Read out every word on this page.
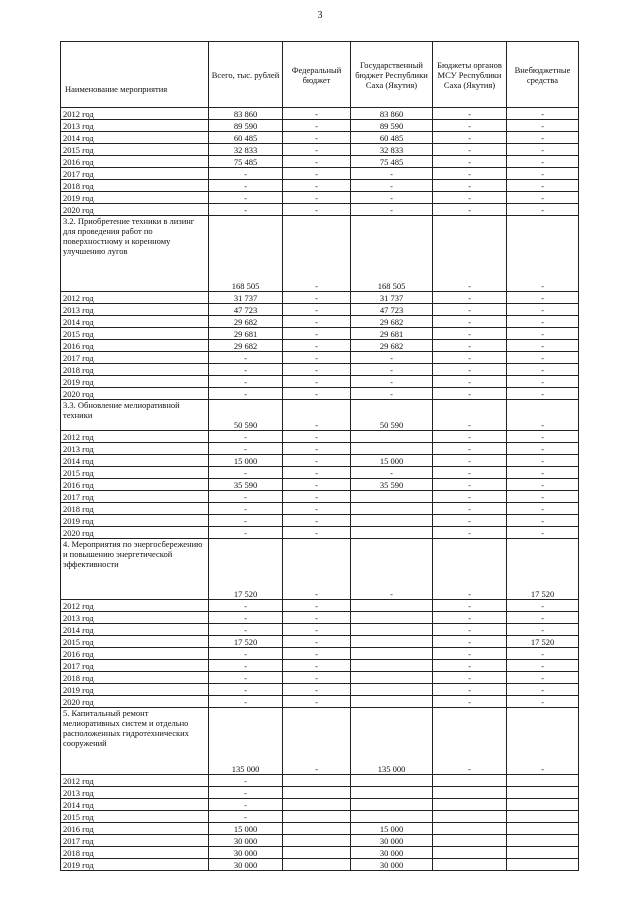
3
Наименование мероприятия	Всего, тыс. рублей	Федеральный бюджет	Государственный бюджет Республики Саха (Якутия)	Бюджеты органов МСУ Республики Саха (Якутия)	Внебюджетные средства
2012 год	83 860	-	83 860	-	-
2013 год	89 590	-	89 590	-	-
2014 год	60 485	-	60 485	-	-
2015 год	32 833	-	32 833	-	-
2016 год	75 485	-	75 485	-	-
2017 год	-	-	-	-	-
2018 год	-	-	-	-	-
2019 год	-	-	-	-	-
2020 год	-	-	-	-	-
3.2. Приобретение техники в лизинг для проведения работ по поверхностному и коренному улучшению лугов	168 505	-	168 505	-	-
2012 год	31 737	-	31 737	-	-
2013 год	47 723	-	47 723	-	-
2014 год	29 682	-	29 682	-	-
2015 год	29 681	-	29 681	-	-
2016 год	29 682	-	29 682	-	-
2017 год	-	-	-	-	-
2018 год	-	-	-	-	-
2019 год	-	-	-	-	-
2020 год	-	-	-	-	-
3.3. Обновление мелиоративной техники	50 590	-	50 590	-	-
2012 год	-	-		-	-
2013 год	-	-		-	-
2014 год	15 000	-	15 000	-	-
2015 год	-	-	-	-	-
2016 год	35 590	-	35 590	-	-
2017 год	-	-		-	-
2018 год	-	-		-	-
2019 год	-	-		-	-
2020 год	-	-		-	-
4. Мероприятия по энергосбережению и повышению энергетической эффективности	17 520	-	-	-	17 520
2012 год	-	-		-	-
2013 год	-	-		-	-
2014 год	-	-		-	-
2015 год	17 520	-		-	17 520
2016 год	-	-		-	-
2017 год	-	-		-	-
2018 год	-	-		-	-
2019 год	-	-		-	-
2020 год	-	-		-	-
5. Капитальный ремонт мелиоративных систем и отдельно расположенных гидротехнических сооружений	135 000	-	135 000	-	-
2012 год	-				
2013 год	-				
2014 год	-				
2015 год	-				
2016 год	15 000		15 000		
2017 год	30 000		30 000		
2018 год	30 000		30 000		
2019 год	30 000		30 000		
